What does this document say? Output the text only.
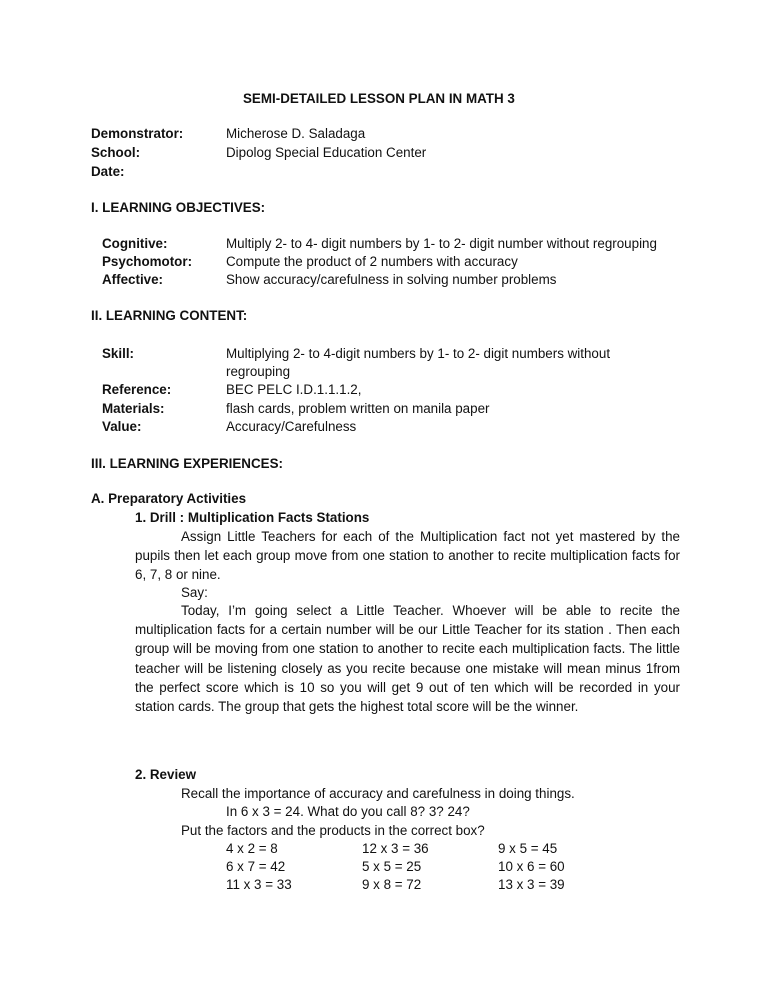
SEMI-DETAILED LESSON PLAN IN MATH 3
Demonstrator:	Micherose D. Saladaga
School:	Dipolog Special Education Center
Date:
I. LEARNING OBJECTIVES:
Cognitive:	Multiply 2- to 4- digit numbers by 1- to 2- digit number without regrouping
Psychomotor:	Compute the product of 2 numbers with accuracy
Affective:	Show accuracy/carefulness in solving number problems
II. LEARNING CONTENT:
Skill:	Multiplying 2- to 4-digit numbers by 1- to 2- digit numbers without
regrouping
Reference:	BEC PELC I.D.1.1.1.2,
Materials:	flash cards, problem written on manila paper
Value:	Accuracy/Carefulness
III. LEARNING EXPERIENCES:
A. Preparatory Activities
1. Drill : Multiplication Facts Stations

Assign Little Teachers for each of the Multiplication fact not yet mastered by the pupils then let each group move from one station to another to recite multiplication facts for 6, 7, 8 or nine.

Say:

Today, I’m going select a Little Teacher. Whoever will be able to recite the multiplication facts for a certain number will be our Little Teacher for its station . Then each group will be moving from one station to another to recite each multiplication facts. The little teacher will be listening closely as you recite because one mistake will mean minus 1from the perfect score which is 10 so you will get 9 out of ten which will be recorded in your station cards. The group that gets the highest total score will be the winner.

2. Review
Recall the importance of accuracy and carefulness in doing things.
In 6 x 3 = 24. What do you call 8? 3? 24?
Put the factors and the products in the correct box?
4 x 2 = 8	12 x 3 = 36	9 x 5 = 45
6 x 7 = 42	5 x 5 = 25	10 x 6 = 60
11 x 3 = 33	9 x 8 = 72	13 x 3 = 39
